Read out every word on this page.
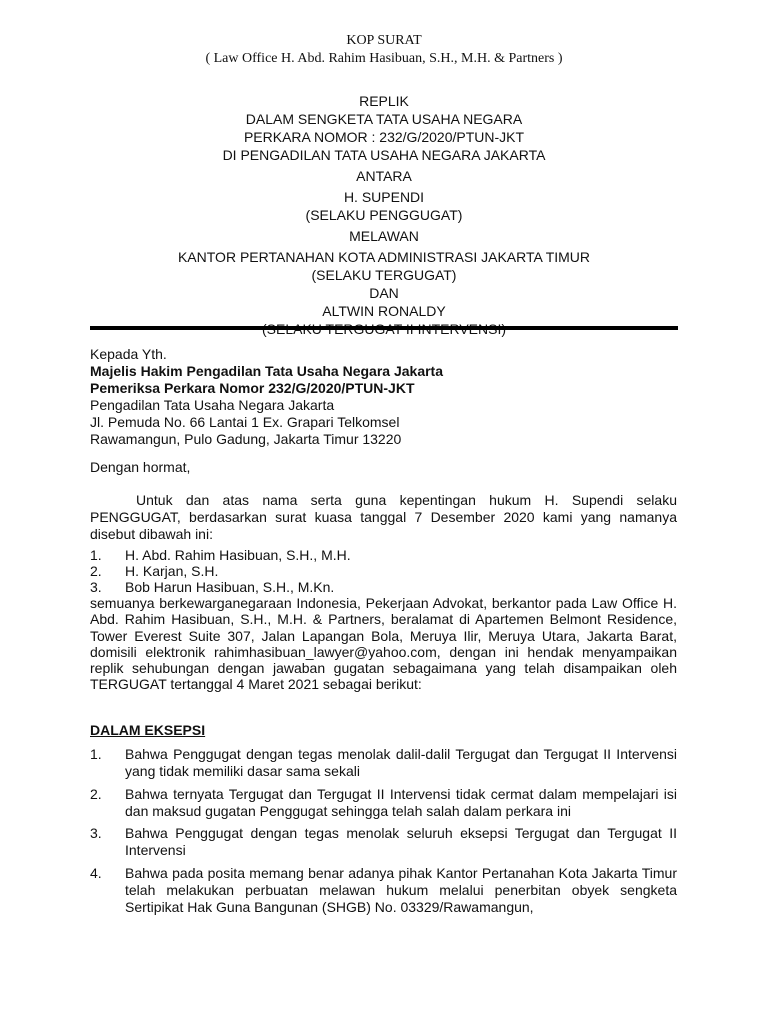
KOP SURAT
( Law Office H. Abd. Rahim Hasibuan, S.H., M.H. & Partners )
REPLIK
DALAM SENGKETA TATA USAHA NEGARA
PERKARA NOMOR : 232/G/2020/PTUN-JKT
DI PENGADILAN TATA USAHA NEGARA JAKARTA
ANTARA
H. SUPENDI
(SELAKU PENGGUGAT)
MELAWAN
KANTOR PERTANAHAN KOTA ADMINISTRASI JAKARTA TIMUR
(SELAKU TERGUGAT)
DAN
ALTWIN RONALDY
Kepada Yth.
Majelis Hakim Pengadilan Tata Usaha Negara Jakarta
Pemeriksa Perkara Nomor 232/G/2020/PTUN-JKT
Pengadilan Tata Usaha Negara Jakarta
Jl. Pemuda No. 66 Lantai 1 Ex. Grapari Telkomsel
Rawamangun, Pulo Gadung, Jakarta Timur 13220
Dengan hormat,
Untuk dan atas nama serta guna kepentingan hukum H. Supendi selaku PENGGUGAT, berdasarkan surat kuasa tanggal 7 Desember 2020 kami yang namanya disebut dibawah ini:
1. H. Abd. Rahim Hasibuan, S.H., M.H.
2. H. Karjan, S.H.
3. Bob Harun Hasibuan, S.H., M.Kn.
semuanya berkewarganegaraan Indonesia, Pekerjaan Advokat, berkantor pada Law Office H. Abd. Rahim Hasibuan, S.H., M.H. & Partners, beralamat di Apartemen Belmont Residence, Tower Everest Suite 307, Jalan Lapangan Bola, Meruya Ilir, Meruya Utara, Jakarta Barat, domisili elektronik rahimhasibuan_lawyer@yahoo.com, dengan ini hendak menyampaikan replik sehubungan dengan jawaban gugatan sebagaimana yang telah disampaikan oleh TERGUGAT tertanggal 4 Maret 2021 sebagai berikut:
DALAM EKSEPSI
1. Bahwa Penggugat dengan tegas menolak dalil-dalil Tergugat dan Tergugat II Intervensi yang tidak memiliki dasar sama sekali
2. Bahwa ternyata Tergugat dan Tergugat II Intervensi tidak cermat dalam mempelajari isi dan maksud gugatan Penggugat sehingga telah salah dalam perkara ini
3. Bahwa Penggugat dengan tegas menolak seluruh eksepsi Tergugat dan Tergugat II Intervensi
4. Bahwa pada posita memang benar adanya pihak Kantor Pertanahan Kota Jakarta Timur telah melakukan perbuatan melawan hukum melalui penerbitan obyek sengketa Sertipikat Hak Guna Bangunan (SHGB) No. 03329/Rawamangun,
